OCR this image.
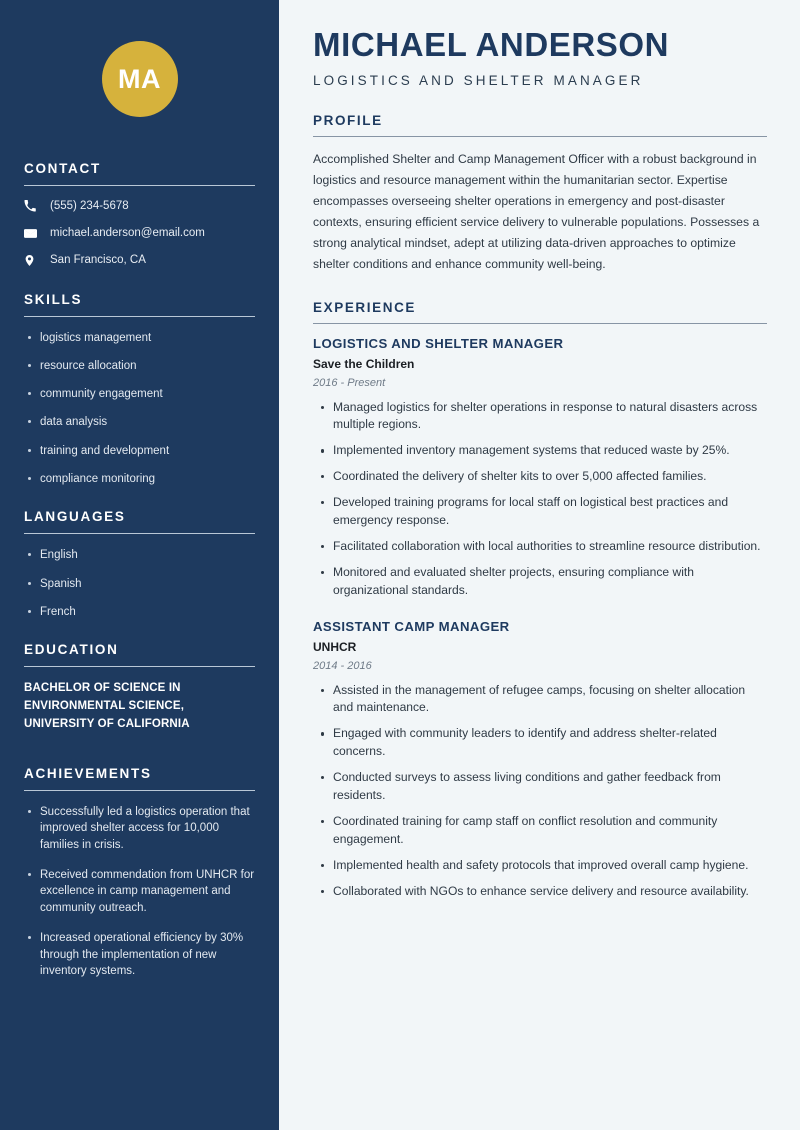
MA
CONTACT
(555) 234-5678
michael.anderson@email.com
San Francisco, CA
SKILLS
logistics management
resource allocation
community engagement
data analysis
training and development
compliance monitoring
LANGUAGES
English
Spanish
French
EDUCATION
BACHELOR OF SCIENCE IN ENVIRONMENTAL SCIENCE, UNIVERSITY OF CALIFORNIA
ACHIEVEMENTS
Successfully led a logistics operation that improved shelter access for 10,000 families in crisis.
Received commendation from UNHCR for excellence in camp management and community outreach.
Increased operational efficiency by 30% through the implementation of new inventory systems.
MICHAEL ANDERSON
LOGISTICS AND SHELTER MANAGER
PROFILE

Accomplished Shelter and Camp Management Officer with a robust background in logistics and resource management within the humanitarian sector. Expertise encompasses overseeing shelter operations in emergency and post-disaster contexts, ensuring efficient service delivery to vulnerable populations. Possesses a strong analytical mindset, adept at utilizing data-driven approaches to optimize shelter conditions and enhance community well-being.

EXPERIENCE
LOGISTICS AND SHELTER MANAGER
Save the Children
2016 - Present
Managed logistics for shelter operations in response to natural disasters across multiple regions.
Implemented inventory management systems that reduced waste by 25%.
Coordinated the delivery of shelter kits to over 5,000 affected families.
Developed training programs for local staff on logistical best practices and emergency response.
Facilitated collaboration with local authorities to streamline resource distribution.
Monitored and evaluated shelter projects, ensuring compliance with organizational standards.
ASSISTANT CAMP MANAGER
UNHCR
2014 - 2016
Assisted in the management of refugee camps, focusing on shelter allocation and maintenance.
Engaged with community leaders to identify and address shelter-related concerns.
Conducted surveys to assess living conditions and gather feedback from residents.
Coordinated training for camp staff on conflict resolution and community engagement.
Implemented health and safety protocols that improved overall camp hygiene.
Collaborated with NGOs to enhance service delivery and resource availability.
